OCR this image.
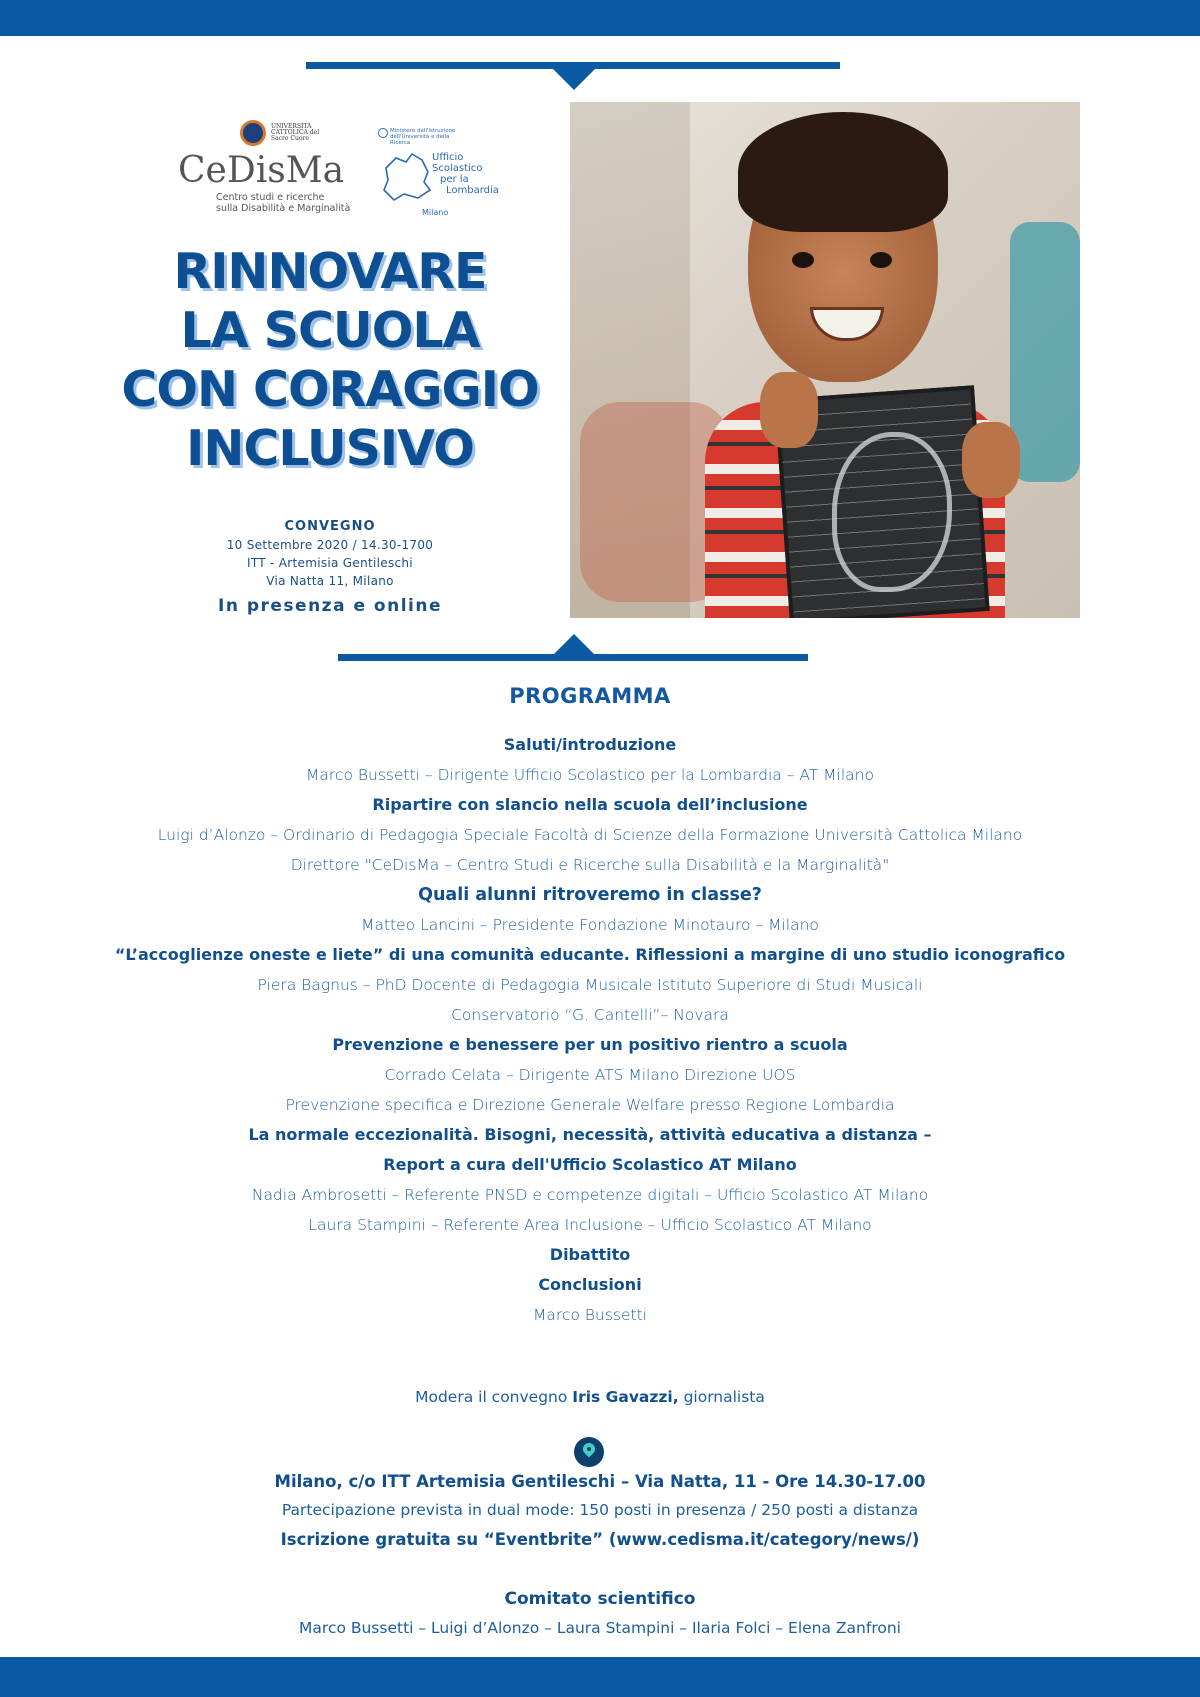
UNIVERSITÀ CATTOLICA del Sacro Cuore
CeDisMa
Centro studi e ricerche
sulla Disabilità e Marginalità
Ministero dell'Istruzione dell'Università e della Ricerca
Ufficio
Scolastico
per la
Lombardia
Milano
RINNOVARE
LA SCUOLA
CON CORAGGIO
INCLUSIVO
CONVEGNO
10 Settembre 2020 / 14.30-1700
ITT - Artemisia Gentileschi
Via Natta 11, Milano
In presenza e online
PROGRAMMA
Saluti/introduzione
Marco Bussetti – Dirigente Ufficio Scolastico per la Lombardia – AT Milano
Ripartire con slancio nella scuola dell’inclusione
Luigi d’Alonzo – Ordinario di Pedagogia Speciale Facoltà di Scienze della Formazione Università Cattolica Milano
Direttore "CeDisMa – Centro Studi e Ricerche sulla Disabilità e la Marginalità"
Quali alunni ritroveremo in classe?
Matteo Lancini – Presidente Fondazione Minotauro – Milano
“L’accoglienze oneste e liete” di una comunità educante. Riflessioni a margine di uno studio iconografico
Piera Bagnus – PhD Docente di Pedagogia Musicale Istituto Superiore di Studi Musicali
Conservatorio “G. Cantelli”– Novara
Prevenzione e benessere per un positivo rientro a scuola
Corrado Celata – Dirigente ATS Milano Direzione UOS
Prevenzione specifica e Direzione Generale Welfare presso Regione Lombardia
La normale eccezionalità. Bisogni, necessità, attività educativa a distanza –
Report a cura dell'Ufficio Scolastico AT Milano
Nadia Ambrosetti – Referente PNSD e competenze digitali – Ufficio Scolastico AT Milano
Laura Stampini – Referente Area Inclusione – Ufficio Scolastico AT Milano
Dibattito
Conclusioni
Marco Bussetti
Modera il convegno Iris Gavazzi, giornalista
Milano, c/o ITT Artemisia Gentileschi – Via Natta, 11 - Ore 14.30-17.00
Partecipazione prevista in dual mode: 150 posti in presenza / 250 posti a distanza
Iscrizione gratuita su “Eventbrite” (www.cedisma.it/category/news/)
Comitato scientifico
Marco Bussetti – Luigi d’Alonzo – Laura Stampini – Ilaria Folci – Elena Zanfroni
